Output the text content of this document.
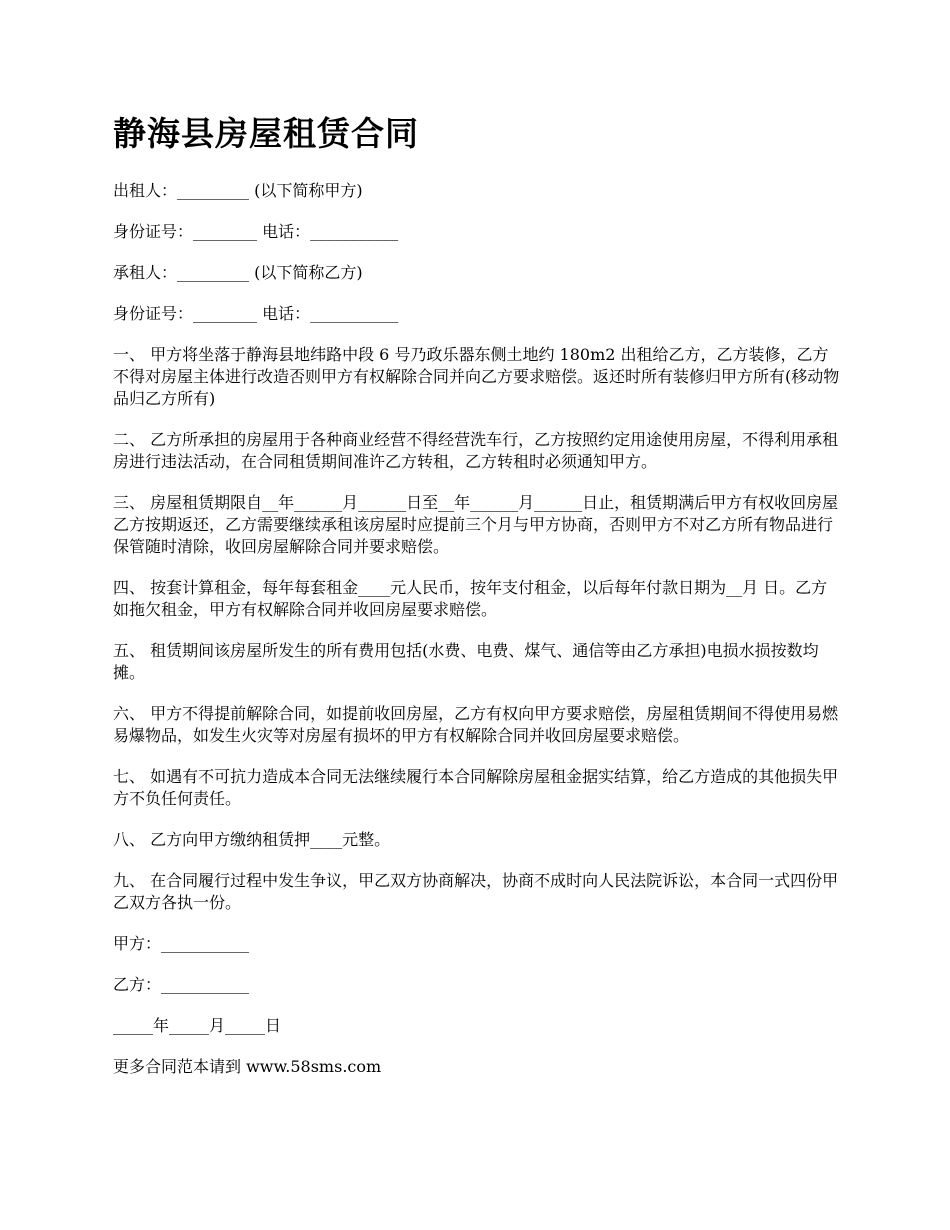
静海县房屋租赁合同

出租人：_________ (以下简称甲方)

身份证号：________ 电话：___________

承租人：_________ (以下简称乙方)

身份证号：________ 电话：___________

一、 甲方将坐落于静海县地纬路中段 6 号乃政乐器东侧土地约 180m2 出租给乙方，乙方装修，乙方不得对房屋主体进行改造否则甲方有权解除合同并向乙方要求赔偿。返还时所有装修归甲方所有(移动物品归乙方所有)

二、 乙方所承担的房屋用于各种商业经营不得经营洗车行，乙方按照约定用途使用房屋，不得利用承租房进行违法活动，在合同租赁期间准许乙方转租，乙方转租时必须通知甲方。

三、 房屋租赁期限自__年______月______日至__年______月______日止，租赁期满后甲方有权收回房屋乙方按期返还，乙方需要继续承租该房屋时应提前三个月与甲方协商，否则甲方不对乙方所有物品进行保管随时清除，收回房屋解除合同并要求赔偿。

四、 按套计算租金，每年每套租金____元人民币，按年支付租金，以后每年付款日期为__月 日。乙方如拖欠租金，甲方有权解除合同并收回房屋要求赔偿。

五、 租赁期间该房屋所发生的所有费用包括(水费、电费、煤气、通信等由乙方承担)电损水损按数均摊。

六、 甲方不得提前解除合同，如提前收回房屋，乙方有权向甲方要求赔偿，房屋租赁期间不得使用易燃易爆物品，如发生火灾等对房屋有损坏的甲方有权解除合同并收回房屋要求赔偿。

七、 如遇有不可抗力造成本合同无法继续履行本合同解除房屋租金据实结算，给乙方造成的其他损失甲方不负任何责任。

八、 乙方向甲方缴纳租赁押____元整。

九、 在合同履行过程中发生争议，甲乙双方协商解决，协商不成时向人民法院诉讼，本合同一式四份甲乙双方各执一份。

甲方：___________

乙方：___________

_____年_____月_____日

更多合同范本请到 www.58sms.com
